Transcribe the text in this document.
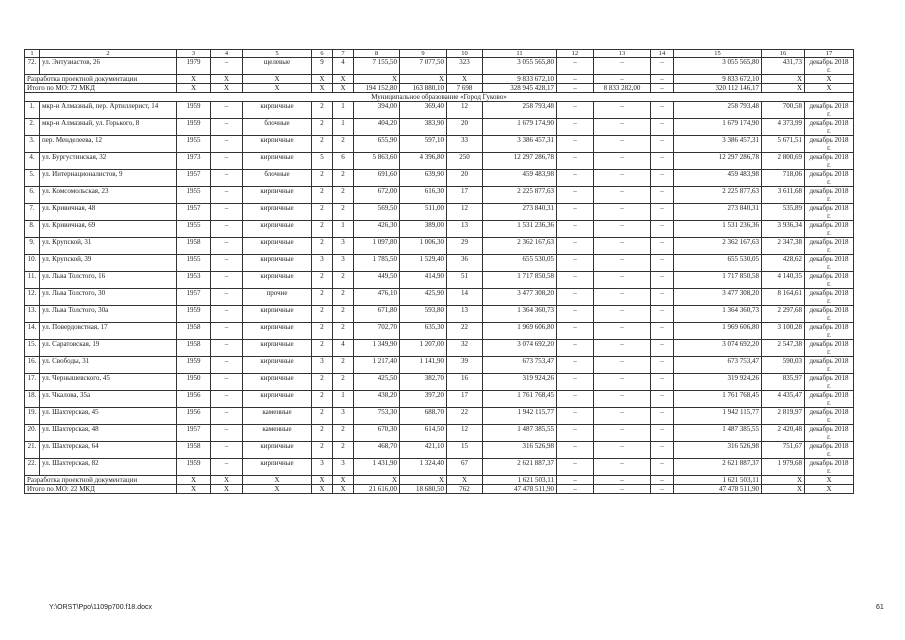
1	2	3	4	5	6	7	8	9	10	11	12	13	14	15	16	17
72.	ул. Энтузиастов, 26	1979	–	щелевые	9	4	7 155,50	7 077,50	323	3 055 565,80	–	–	–	3 055 565,80	431,73	декабрь 2018 г.
Разработка проектной документации		X	X	X	X	X	X	X	X	9 833 672,10	–	–	–	9 833 672,10	X	X
Итого по МО: 72 МКД		X	X	X	X	X	194 152,80	163 880,10	7 698	328 945 428,17	–	8 833 282,00	–	320 112 146,17	X	X
Муниципальное образование «Город Гуково»																
1.	мкр-н Алмазный, пер. Артиллерист, 14	1959	–	кирпичные	2	1	394,00	369,40	12	258 793,48	–	–	–	258 793,48	700,58	декабрь 2018 г.
2.	мкр-н Алмазный, ул. Горького, 8	1959	–	блочные	2	1	404,20	383,90	20	1 679 174,90	–	–	–	1 679 174,90	4 373,99	декабрь 2018 г.
3.	пер. Менделеева, 12	1955	–	кирпичные	2	2	655,90	597,10	33	3 386 457,31	–	–	–	3 386 457,31	5 671,51	декабрь 2018 г.
4.	ул. Бургустинская, 32	1973	–	кирпичные	5	6	5 863,60	4 396,80	250	12 297 286,78	–	–	–	12 297 286,78	2 800,69	декабрь 2018 г.
5.	ул. Интернационалистов, 9	1957	–	блочные	2	2	691,60	639,90	20	459 483,98	–	–	–	459 483,98	718,06	декабрь 2018 г.
6.	ул. Комсомольская, 23	1955	–	кирпичные	2	2	672,00	616,30	17	2 225 877,63	–	–	–	2 225 877,63	3 611,68	декабрь 2018 г.
7.	ул. Кривичная, 48	1957	–	кирпичные	2	2	569,50	511,00	12	273 840,31	–	–	–	273 840,31	535,89	декабрь 2018 г.
8.	ул. Кривичная, 69	1955	–	кирпичные	2	1	426,30	389,00	13	1 531 236,36	–	–	–	1 531 236,36	3 936,34	декабрь 2018 г.
9.	ул. Крупской, 31	1958	–	кирпичные	2	3	1 097,80	1 006,30	29	2 362 167,63	–	–	–	2 362 167,63	2 347,38	декабрь 2018 г.
10.	ул. Крупской, 39	1955	–	кирпичные	3	3	1 785,50	1 529,40	36	655 530,05	–	–	–	655 530,05	428,62	декабрь 2018 г.
11.	ул. Льва Толстого, 16	1953	–	кирпичные	2	2	449,50	414,90	51	1 717 850,58	–	–	–	1 717 850,58	4 140,35	декабрь 2018 г.
12.	ул. Льва Толстого, 30	1957	–	прочие	2	2	476,10	425,90	14	3 477 308,20	–	–	–	3 477 308,20	8 164,61	декабрь 2018 г.
13.	ул. Льва Толстого, 30а	1959	–	кирпичные	2	2	671,80	593,80	13	1 364 360,73	–	–	–	1 364 360,73	2 297,68	декабрь 2018 г.
14.	ул. Повердовстная, 17	1958	–	кирпичные	2	2	702,70	635,30	22	1 969 606,80	–	–	–	1 969 606,80	3 100,28	декабрь 2018 г.
15.	ул. Саратовская, 19	1958	–	кирпичные	2	4	1 349,90	1 207,00	32	3 074 692,20	–	–	–	3 074 692,20	2 547,38	декабрь 2018 г.
16.	ул. Свободы, 31	1959	–	кирпичные	3	2	1 217,40	1 141,90	39	673 753,47	–	–	–	673 753,47	590,03	декабрь 2018 г.
17.	ул. Чернышевского, 45	1950	–	кирпичные	2	2	425,50	382,70	16	319 924,26	–	–	–	319 924,26	835,97	декабрь 2018 г.
18.	ул. Чкалова, 35а	1956	–	кирпичные	2	1	438,20	397,20	17	1 761 768,45	–	–	–	1 761 768,45	4 435,47	декабрь 2018 г.
19.	ул. Шахтерская, 45	1956	–	каменные	2	3	753,30	688,70	22	1 942 115,77	–	–	–	1 942 115,77	2 819,97	декабрь 2018 г.
20.	ул. Шахтерская, 48	1957	–	каменные	2	2	670,30	614,50	12	1 487 385,55	–	–	–	1 487 385,55	2 420,48	декабрь 2018 г.
21.	ул. Шахтерская, 64	1958	–	кирпичные	2	2	468,70	421,10	15	316 526,98	–	–	–	316 526,98	751,67	декабрь 2018 г.
22.	ул. Шахтерская, 82	1959	–	кирпичные	3	3	1 431,90	1 324,40	67	2 621 887,37	–	–	–	2 621 887,37	1 979,68	декабрь 2018 г.
Разработка проектной документации		X	X	X	X	X	X	X	X	1 621 503,11	–	–	–	1 621 503,11	X	X
Итого по МО: 22 МКД		X	X	X	X	X	21 616,00	18 680,50	762	47 478 511,90	–	–	–	47 478 511,90	X	X
Y:\ORST\Ppo\1109p700.f18.docx	61
